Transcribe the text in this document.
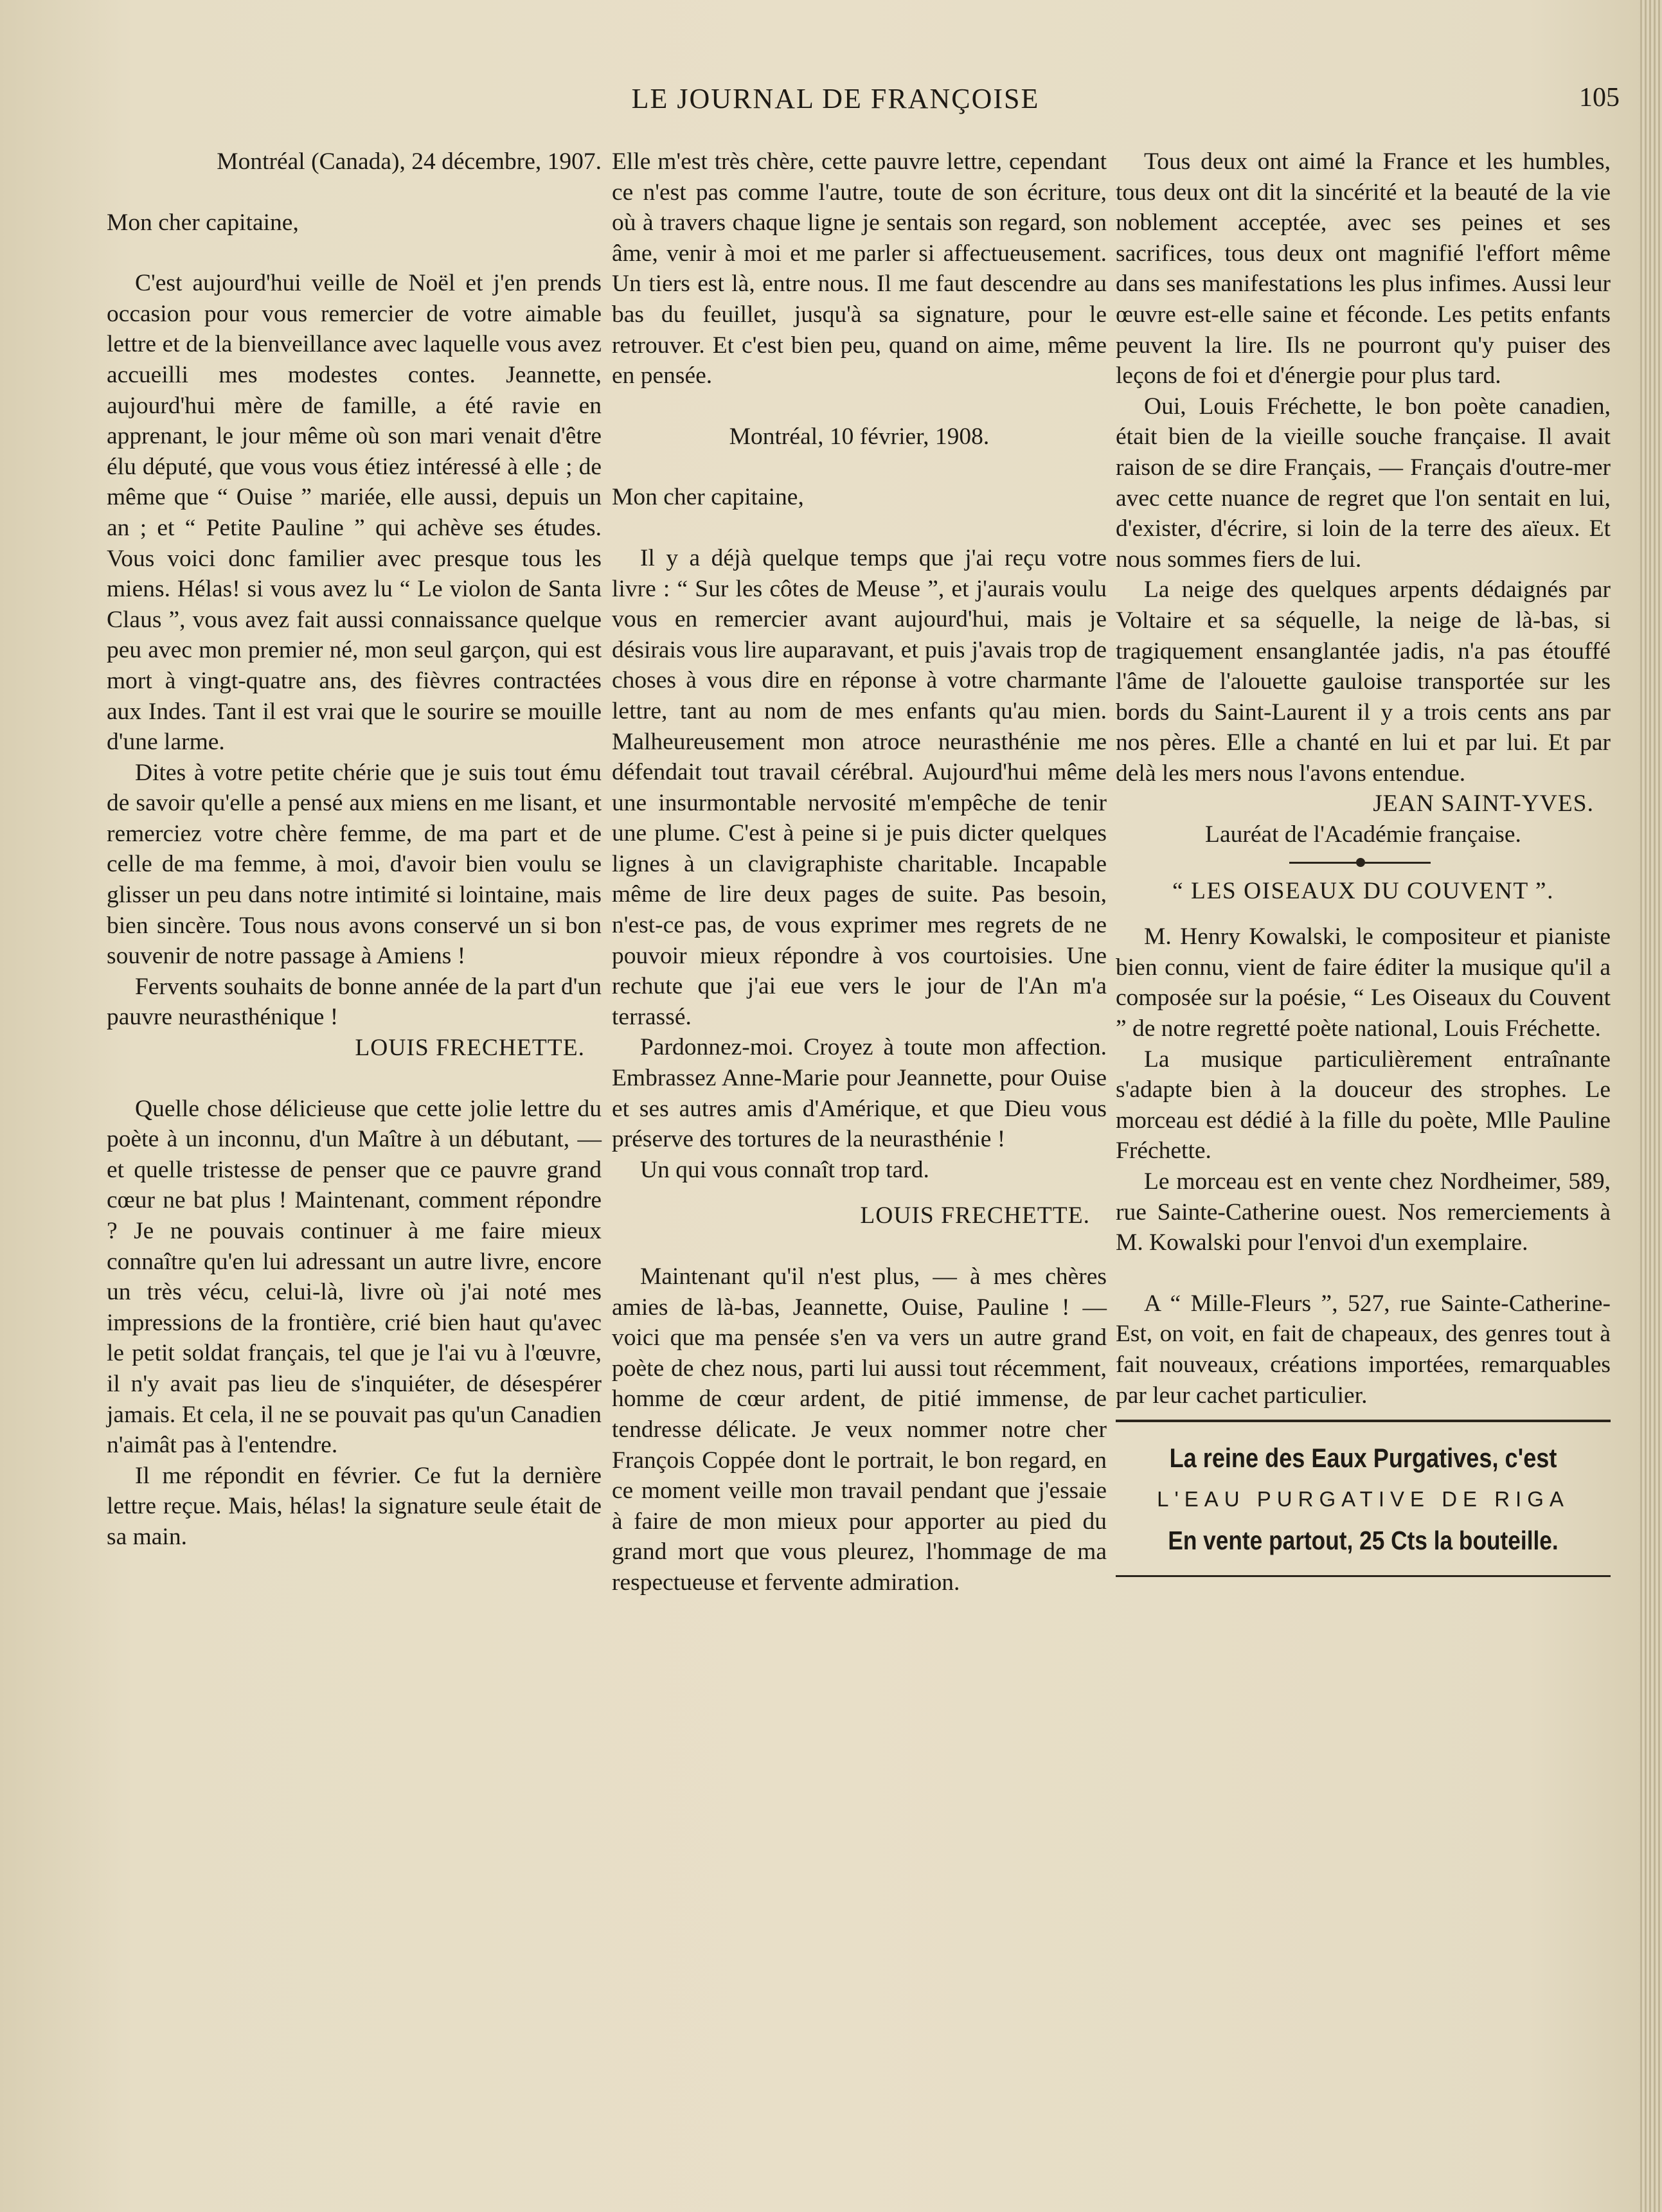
LE JOURNAL DE FRANÇOISE	105

Montréal (Canada), 24 décembre, 1907.

Mon cher capitaine,

C'est aujourd'hui veille de Noël et j'en prends occasion pour vous remercier de votre aimable lettre et de la bienveillance avec laquelle vous avez accueilli mes modestes contes. Jeannette, aujourd'hui mère de famille, a été ravie en apprenant, le jour même où son mari venait d'être élu député, que vous vous étiez intéressé à elle ; de même que “ Ouise ” mariée, elle aussi, depuis un an ; et “ Petite Pauline ” qui achève ses études. Vous voici donc familier avec presque tous les miens. Hélas! si vous avez lu “ Le violon de Santa Claus ”, vous avez fait aussi connaissance quelque peu avec mon premier né, mon seul garçon, qui est mort à vingt-quatre ans, des fièvres contractées aux Indes. Tant il est vrai que le sourire se mouille d'une larme.

Dites à votre petite chérie que je suis tout ému de savoir qu'elle a pensé aux miens en me lisant, et remerciez votre chère femme, de ma part et de celle de ma femme, à moi, d'avoir bien voulu se glisser un peu dans notre intimité si lointaine, mais bien sincère. Tous nous avons conservé un si bon souvenir de notre passage à Amiens !

Fervents souhaits de bonne année de la part d'un pauvre neurasthénique !

LOUIS FRECHETTE.

Quelle chose délicieuse que cette jolie lettre du poète à un inconnu, d'un Maître à un débutant, — et quelle tristesse de penser que ce pauvre grand cœur ne bat plus ! Maintenant, comment répondre ? Je ne pouvais continuer à me faire mieux connaître qu'en lui adressant un autre livre, encore un très vécu, celui-là, livre où j'ai noté mes impressions de la frontière, crié bien haut qu'avec le petit soldat français, tel que je l'ai vu à l'œuvre, il n'y avait pas lieu de s'inquiéter, de désespérer jamais. Et cela, il ne se pouvait pas qu'un Canadien n'aimât pas à l'entendre.

Il me répondit en février. Ce fut la dernière lettre reçue. Mais, hélas! la signature seule était de sa main.

Elle m'est très chère, cette pauvre lettre, cependant ce n'est pas comme l'autre, toute de son écriture, où à travers chaque ligne je sentais son regard, son âme, venir à moi et me parler si affectueusement. Un tiers est là, entre nous. Il me faut descendre au bas du feuillet, jusqu'à sa signature, pour le retrouver. Et c'est bien peu, quand on aime, même en pensée.

Montréal, 10 février, 1908.

Mon cher capitaine,

Il y a déjà quelque temps que j'ai reçu votre livre : “ Sur les côtes de Meuse ”, et j'aurais voulu vous en remercier avant aujourd'hui, mais je désirais vous lire auparavant, et puis j'avais trop de choses à vous dire en réponse à votre charmante lettre, tant au nom de mes enfants qu'au mien. Malheureusement mon atroce neurasthénie me défendait tout travail cérébral. Aujourd'hui même une insurmontable nervosité m'empêche de tenir une plume. C'est à peine si je puis dicter quelques lignes à un clavigraphiste charitable. Incapable même de lire deux pages de suite. Pas besoin, n'est-ce pas, de vous exprimer mes regrets de ne pouvoir mieux répondre à vos courtoisies. Une rechute que j'ai eue vers le jour de l'An m'a terrassé.

Pardonnez-moi. Croyez à toute mon affection. Embrassez Anne-Marie pour Jeannette, pour Ouise et ses autres amis d'Amérique, et que Dieu vous préserve des tortures de la neurasthénie !

Un qui vous connaît trop tard.

LOUIS FRECHETTE.

Maintenant qu'il n'est plus, — à mes chères amies de là-bas, Jeannette, Ouise, Pauline ! — voici que ma pensée s'en va vers un autre grand poète de chez nous, parti lui aussi tout récemment, homme de cœur ardent, de pitié immense, de tendresse délicate. Je veux nommer notre cher François Coppée dont le portrait, le bon regard, en ce moment veille mon travail pendant que j'essaie à faire de mon mieux pour apporter au pied du grand mort que vous pleurez, l'hommage de ma respectueuse et fervente admiration.

Tous deux ont aimé la France et les humbles, tous deux ont dit la sincérité et la beauté de la vie noblement acceptée, avec ses peines et ses sacrifices, tous deux ont magnifié l'effort même dans ses manifestations les plus infimes. Aussi leur œuvre est-elle saine et féconde. Les petits enfants peuvent la lire. Ils ne pourront qu'y puiser des leçons de foi et d'énergie pour plus tard.

Oui, Louis Fréchette, le bon poète canadien, était bien de la vieille souche française. Il avait raison de se dire Français, — Français d'outre-mer avec cette nuance de regret que l'on sentait en lui, d'exister, d'écrire, si loin de la terre des aïeux. Et nous sommes fiers de lui.

La neige des quelques arpents dédaignés par Voltaire et sa séquelle, la neige de là-bas, si tragiquement ensanglantée jadis, n'a pas étouffé l'âme de l'alouette gauloise transportée sur les bords du Saint-Laurent il y a trois cents ans par nos pères. Elle a chanté en lui et par lui. Et par delà les mers nous l'avons entendue.

JEAN SAINT-YVES.

Lauréat de l'Académie française.

“ LES OISEAUX DU COUVENT ”.

M. Henry Kowalski, le compositeur et pianiste bien connu, vient de faire éditer la musique qu'il a composée sur la poésie, “ Les Oiseaux du Couvent ” de notre regretté poète national, Louis Fréchette.

La musique particulièrement entraînante s'adapte bien à la douceur des strophes. Le morceau est dédié à la fille du poète, Mlle Pauline Fréchette.

Le morceau est en vente chez Nordheimer, 589, rue Sainte-Catherine ouest. Nos remerciements à M. Kowalski pour l'envoi d'un exemplaire.

A “ Mille-Fleurs ”, 527, rue Sainte-Catherine-Est, on voit, en fait de chapeaux, des genres tout à fait nouveaux, créations importées, remarquables par leur cachet particulier.

La reine des Eaux Purgatives, c'est
L'EAU PURGATIVE DE RIGA
En vente partout, 25 Cts la bouteille.
